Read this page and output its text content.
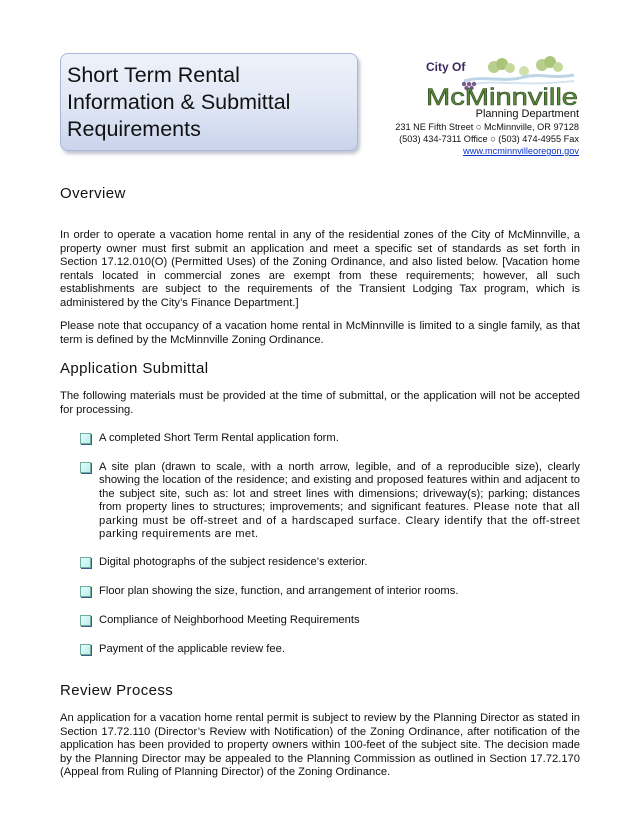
Short Term Rental
Information & Submittal
Requirements
City Of
McMinnville
Planning Department
231 NE Fifth Street ○ McMinnville, OR 97128
(503) 434-7311 Office ○ (503) 474-4955 Fax
www.mcminnvilleoregon.gov
Overview

In order to operate a vacation home rental in any of the residential zones of the City of McMinnville, a property owner must first submit an application and meet a specific set of standards as set forth in Section 17.12.010(O) (Permitted Uses) of the Zoning Ordinance, and also listed below. [Vacation home rentals located in commercial zones are exempt from these requirements; however, all such establishments are subject to the requirements of the Transient Lodging Tax program, which is administered by the City’s Finance Department.]

Please note that occupancy of a vacation home rental in McMinnville is limited to a single family, as that term is defined by the McMinnville Zoning Ordinance.

Application Submittal

The following materials must be provided at the time of submittal, or the application will not be accepted for processing.

A completed Short Term Rental application form.
A site plan (drawn to scale, with a north arrow, legible, and of a reproducible size), clearly showing the location of the residence; and existing and proposed features within and adjacent to the subject site, such as: lot and street lines with dimensions; driveway(s); parking; distances from property lines to structures; improvements; and significant features. Please note that all parking must be off-street and of a hardscaped surface. Cleary identify that the off-street parking requirements are met.
Digital photographs of the subject residence’s exterior.
Floor plan showing the size, function, and arrangement of interior rooms.
Compliance of Neighborhood Meeting Requirements
Payment of the applicable review fee.
Review Process

An application for a vacation home rental permit is subject to review by the Planning Director as stated in Section 17.72.110 (Director’s Review with Notification) of the Zoning Ordinance, after notification of the application has been provided to property owners within 100-feet of the subject site. The decision made by the Planning Director may be appealed to the Planning Commission as outlined in Section 17.72.170 (Appeal from Ruling of Planning Director) of the Zoning Ordinance.
